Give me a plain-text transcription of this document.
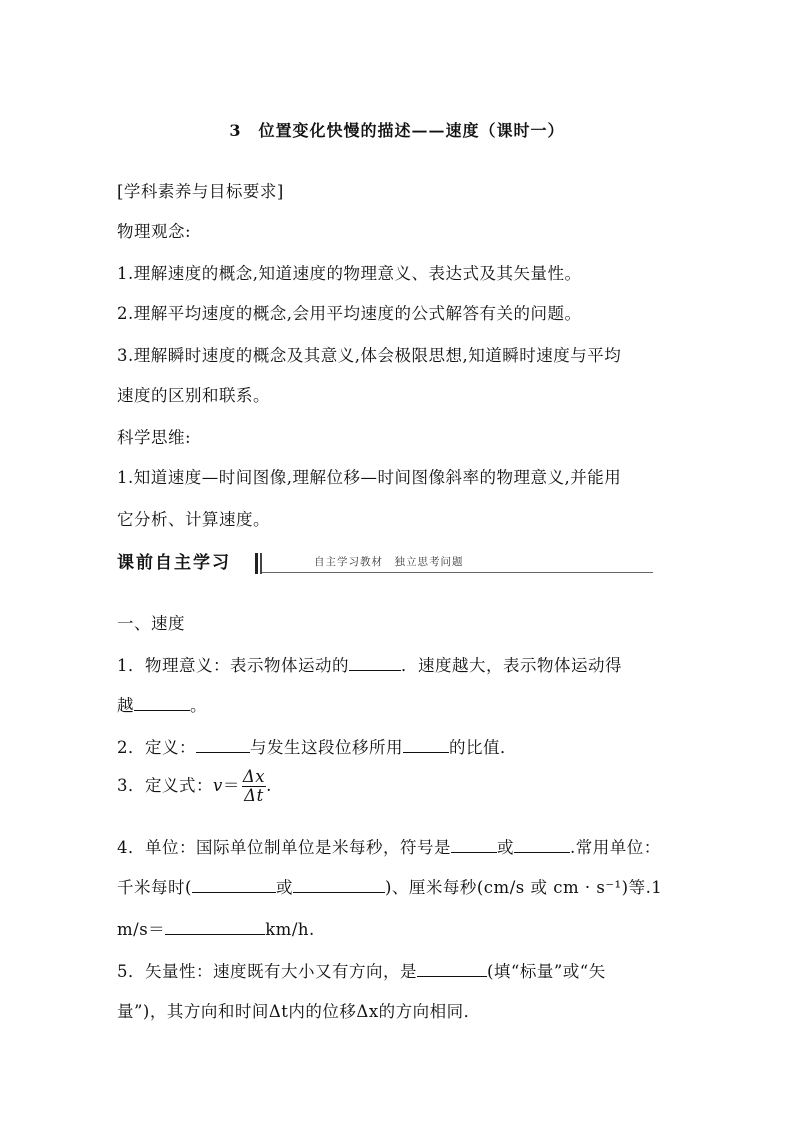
3　位置变化快慢的描述——速度（课时一）
[学科素养与目标要求]
物理观念:
1.理解速度的概念,知道速度的物理意义、表达式及其矢量性。
2.理解平均速度的概念,会用平均速度的公式解答有关的问题。
3.理解瞬时速度的概念及其意义,体会极限思想,知道瞬时速度与平均
速度的区别和联系。
科学思维:
1.知道速度—时间图像,理解位移—时间图像斜率的物理意义,并能用
它分析、计算速度。
课前自主学习	自主学习教材　独立思考问题
一、速度
1．物理意义：表示物体运动的	．速度越大，表示物体运动得
越	。
2．定义：	与发生这段位移所用	的比值．
3．定义式：$v= \frac{\Delta x}{\Delta t}$ .
4．单位：国际单位制单位是米每秒，符号是	或	.常用单位：
千米每时(	或	)、厘米每秒(cm/s 或 cm · s⁻¹)等.1
m/s＝	km/h.
5．矢量性：速度既有大小又有方向，是	(填“标量”或“矢
量”)，其方向和时间Δt内的位移Δx的方向相同．
